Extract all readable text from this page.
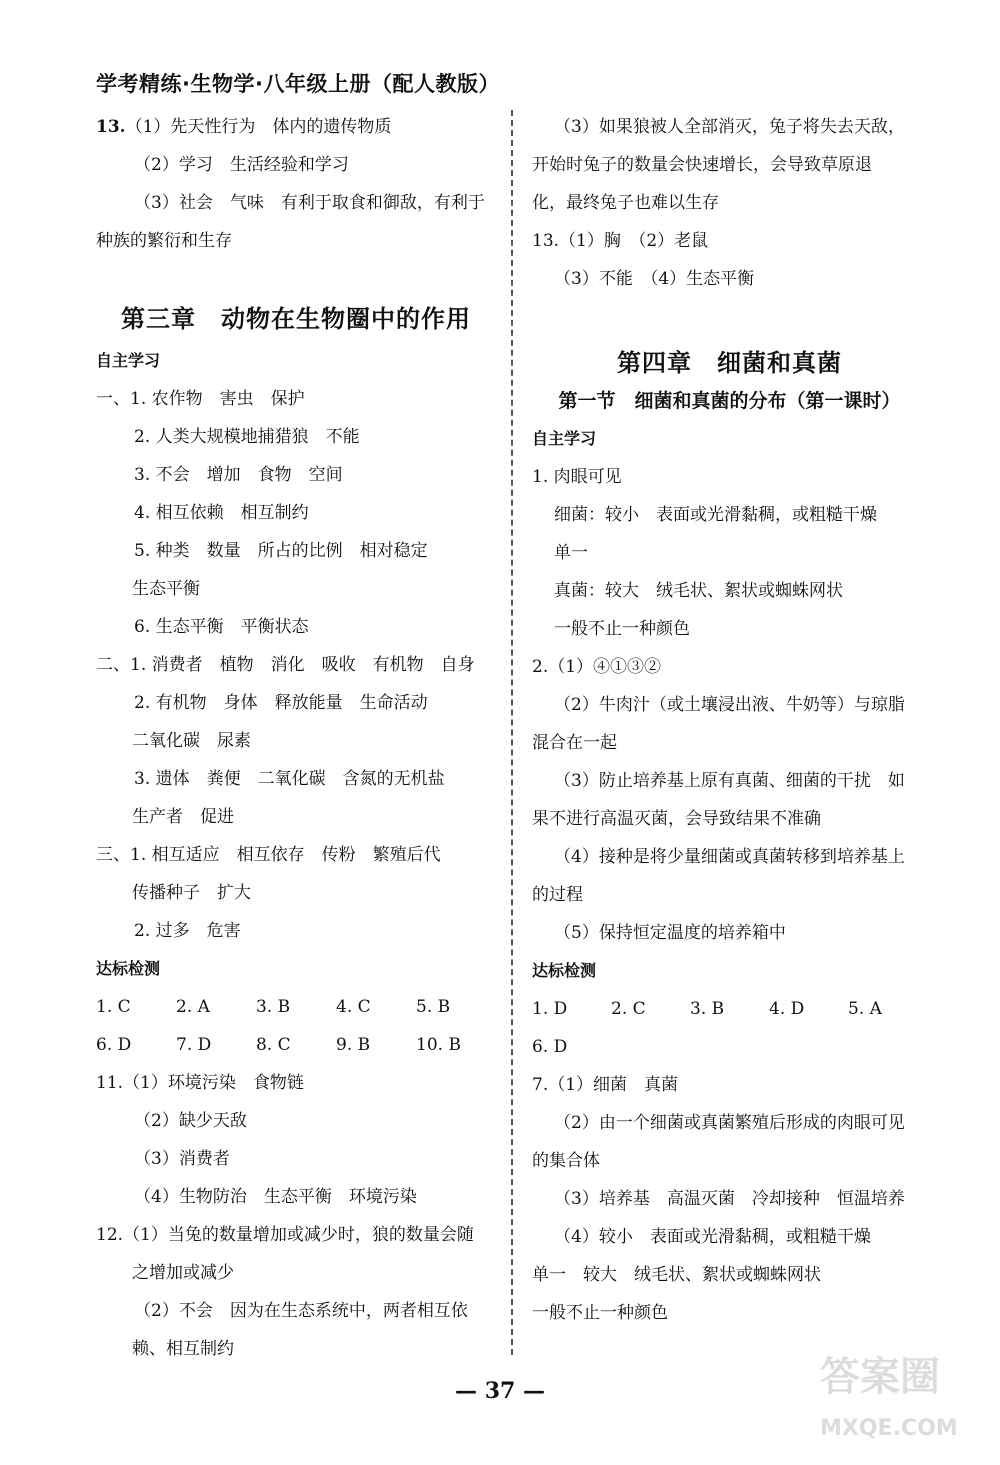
学考精练·生物学·八年级上册（配人教版）
13.（1）先天性行为　体内的遗传物质
（2）学习　生活经验和学习
（3）社会　气味　有利于取食和御敌，有利于
种族的繁衍和生存
第三章　动物在生物圈中的作用
自主学习
一、1. 农作物　害虫　保护
2. 人类大规模地捕猎狼　不能
3. 不会　增加　食物　空间
4. 相互依赖　相互制约
5. 种类　数量　所占的比例　相对稳定
生态平衡
6. 生态平衡　平衡状态
二、1. 消费者　植物　消化　吸收　有机物　自身
2. 有机物　身体　释放能量　生命活动
二氧化碳　尿素
3. 遗体　粪便　二氧化碳　含氮的无机盐
生产者　促进
三、1. 相互适应　相互依存　传粉　繁殖后代
传播种子　扩大
2. 过多　危害
达标检测
1. C	2. A	3. B	4. C	5. B
6. D	7. D	8. C	9. B	10. B
11.（1）环境污染　食物链
（2）缺少天敌
（3）消费者
（4）生物防治　生态平衡　环境污染
12.（1）当兔的数量增加或减少时，狼的数量会随
之增加或减少
（2）不会　因为在生态系统中，两者相互依
赖、相互制约
（3）如果狼被人全部消灭，兔子将失去天敌，
开始时兔子的数量会快速增长，会导致草原退
化，最终兔子也难以生存
13.（1）胸　（2）老鼠
（3）不能　（4）生态平衡
第四章　细菌和真菌
第一节　细菌和真菌的分布（第一课时）
自主学习
1. 肉眼可见
细菌：较小　表面或光滑黏稠，或粗糙干燥
单一
真菌：较大　绒毛状、絮状或蜘蛛网状
一般不止一种颜色
2.（1）④①③②
（2）牛肉汁（或土壤浸出液、牛奶等）与琼脂
混合在一起
（3）防止培养基上原有真菌、细菌的干扰　如
果不进行高温灭菌，会导致结果不准确
（4）接种是将少量细菌或真菌转移到培养基上
的过程
（5）保持恒定温度的培养箱中
达标检测
1. D	2. C	3. B	4. D	5. A
6. D
7.（1）细菌　真菌
（2）由一个细菌或真菌繁殖后形成的肉眼可见
的集合体
（3）培养基　高温灭菌　冷却接种　恒温培养
（4）较小　表面或光滑黏稠，或粗糙干燥
单一　较大　绒毛状、絮状或蜘蛛网状
一般不止一种颜色
— 37 —	答案圈
MXQE.COM
